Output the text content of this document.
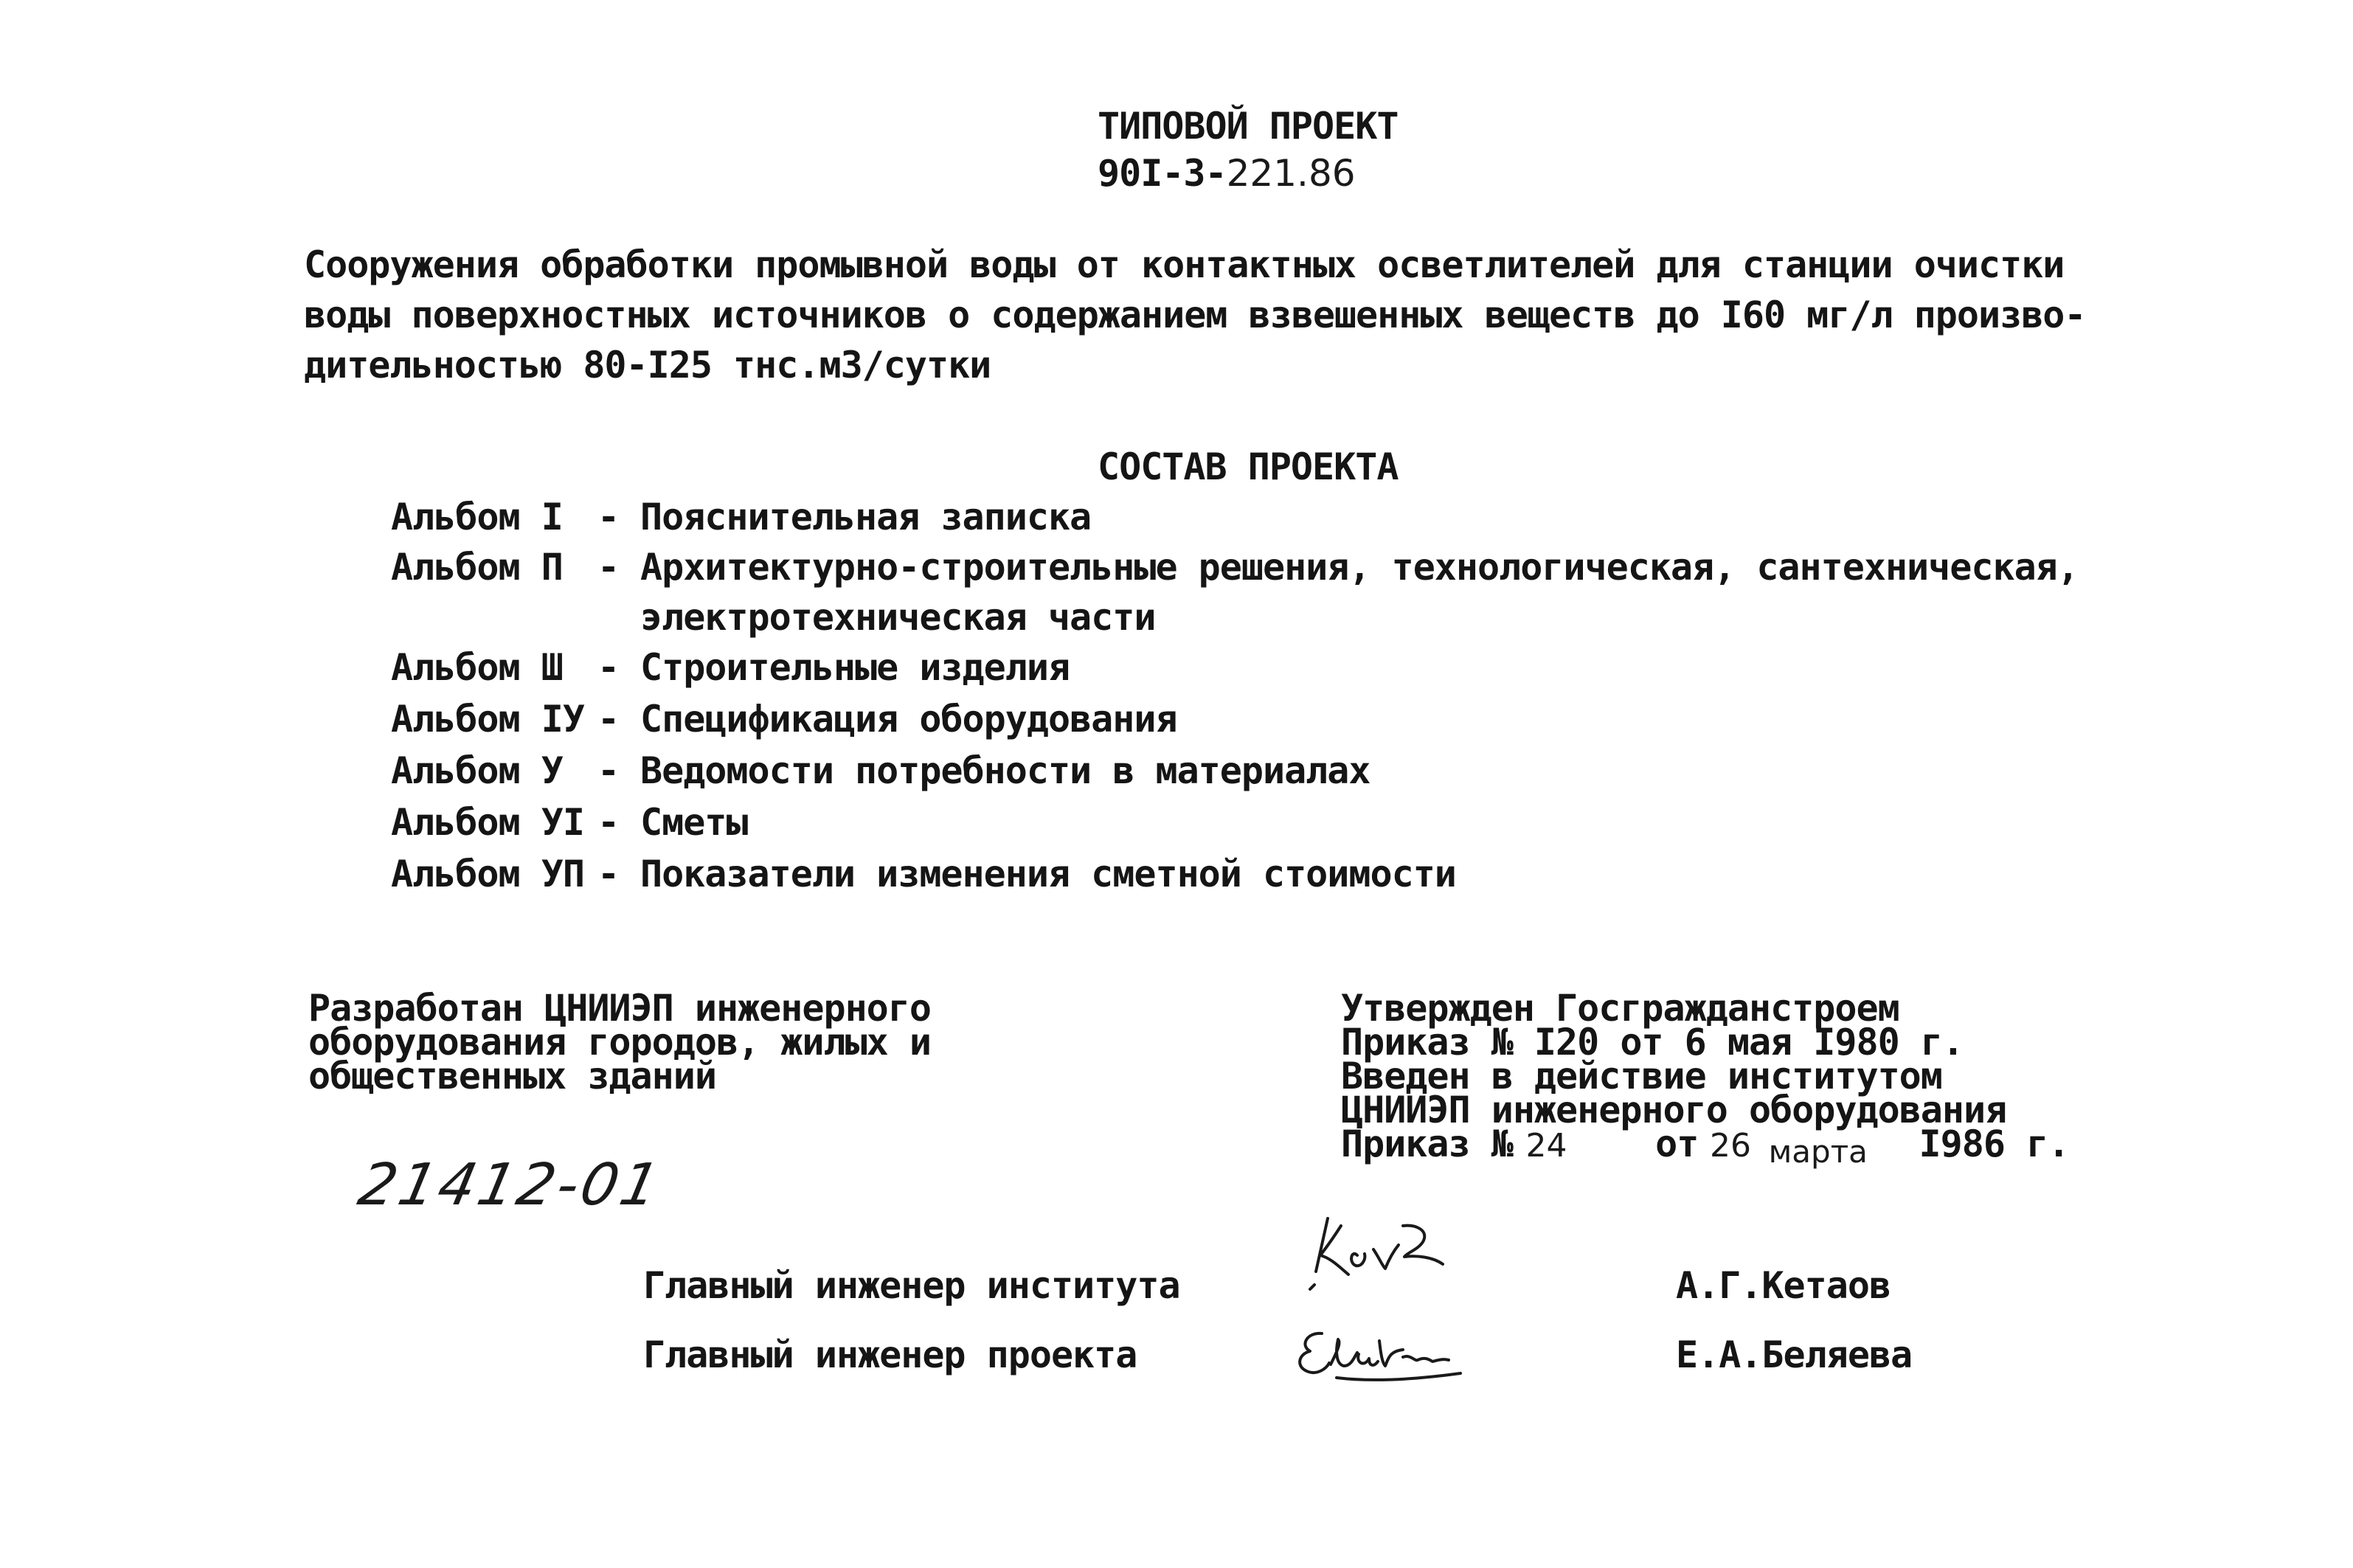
ТИПОВОЙ ПРОЕКТ
90I-3-221.86
Сооружения обработки промывной воды от контактных осветлителей для станции очистки
воды поверхностных источников о содержанием взвешенных веществ до I60 мг/л произво-
дительностью 80-I25 тнс.м3/сутки
СОСТАВ ПРОЕКТА
Альбом I - Пояснительная записка
Альбом П - Архитектурно-строительные решения, технологическая, сантехническая,
электротехническая части
Альбом Ш - Строительные изделия
Альбом IУ - Спецификация оборудования
Альбом У - Ведомости потребности в материалах
Альбом УI - Сметы
Альбом УП - Показатели изменения сметной стоимости
Разработан ЦНИИЭП инженерного
оборудования городов, жилых и
общественных зданий
Утвержден Госгражданстроем
Приказ № I20 от 6 мая I980 г.
Введен в действие институтом
ЦНИИЭП инженерного оборудования
Приказ № 24 от 26 марта I986 г.
21412-01
Главный инженер института	А.Г.Кетаов
Главный инженер проекта	Е.А.Беляева
